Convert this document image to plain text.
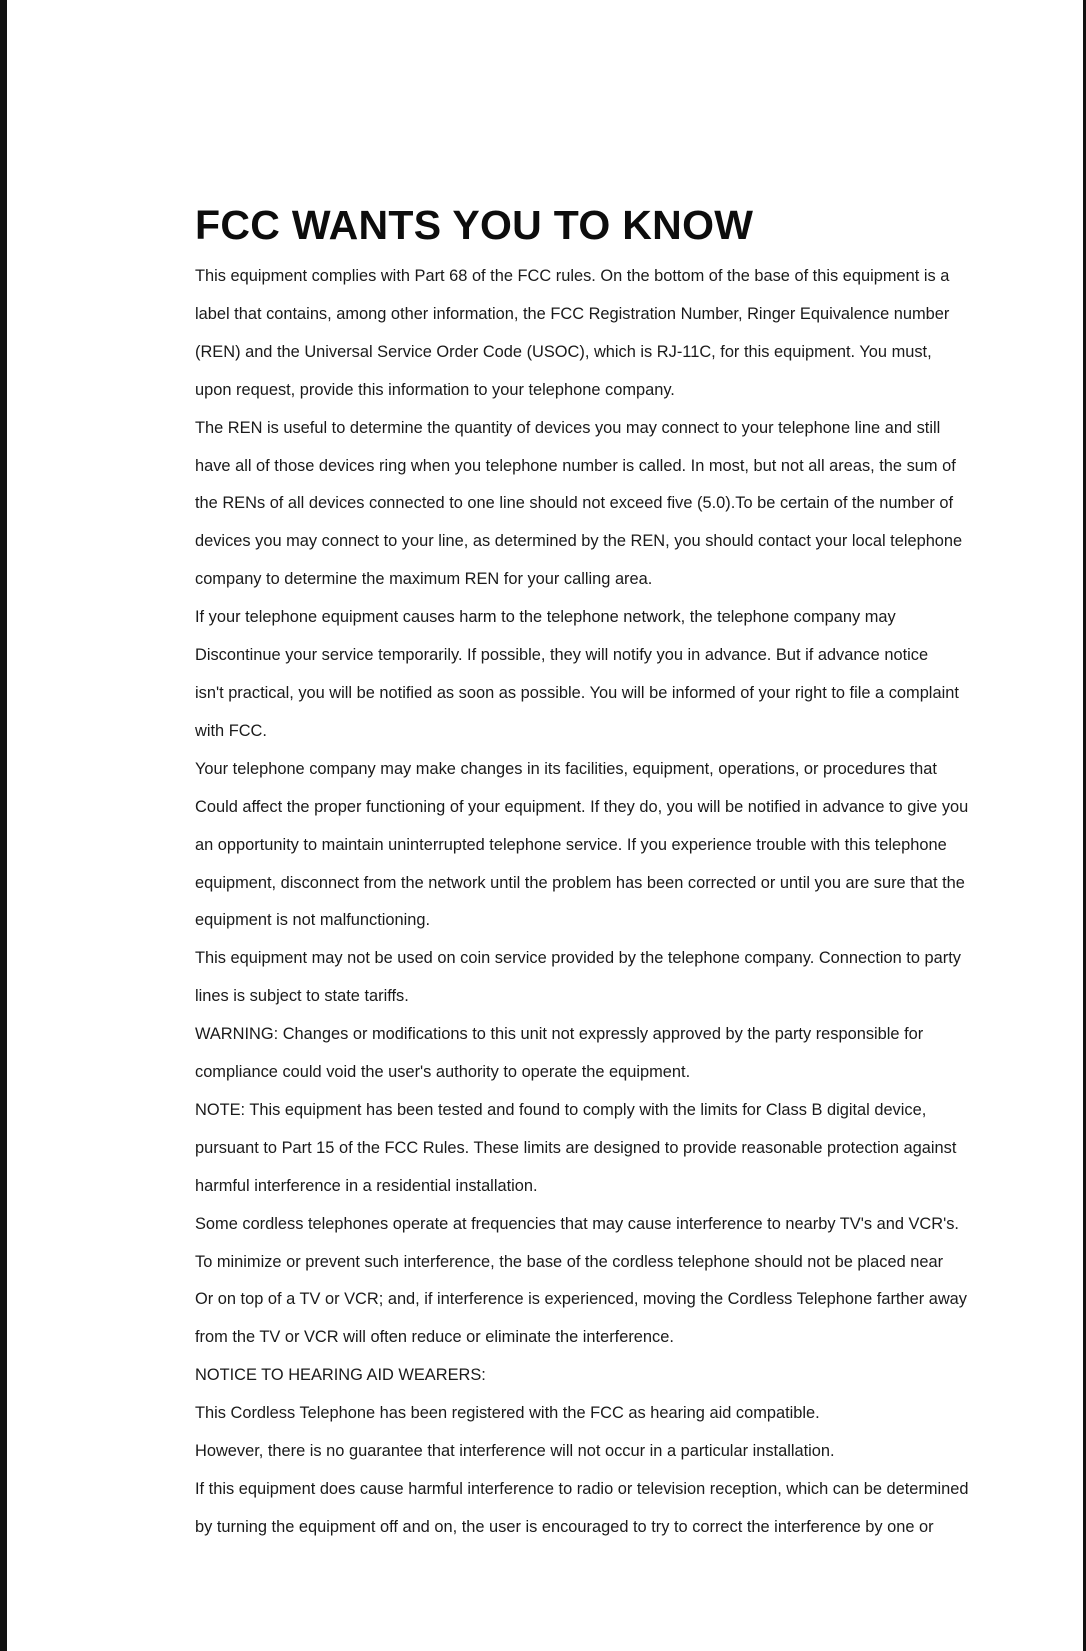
FCC WANTS YOU TO KNOW

This equipment complies with Part 68 of the FCC rules. On the bottom of the base of this equipment is a

label that contains, among other information, the FCC Registration Number, Ringer Equivalence number

(REN) and the Universal Service Order Code (USOC), which is RJ-11C, for this equipment. You must,

upon request, provide this information to your telephone company.

The REN is useful to determine the quantity of devices you may connect to your telephone line and still

have all of those devices ring when you telephone number is called. In most, but not all areas, the sum of

the RENs of all devices connected to one line should not exceed five (5.0).To be certain of the number of

devices you may connect to your line, as determined by the REN, you should contact your local telephone

company to determine the maximum REN for your calling area.

If your telephone equipment causes harm to the telephone network, the telephone company may

Discontinue your service temporarily. If possible, they will notify you in advance. But if advance notice

isn't practical, you will be notified as soon as possible. You will be informed of your right to file a complaint

with FCC.

Your telephone company may make changes in its facilities, equipment, operations, or procedures that

Could affect the proper functioning of your equipment. If they do, you will be notified in advance to give you

an opportunity to maintain uninterrupted telephone service. If you experience trouble with this telephone

equipment, disconnect from the network until the problem has been corrected or until you are sure that the

equipment is not malfunctioning.

This equipment may not be used on coin service provided by the telephone company. Connection to party

lines is subject to state tariffs.

WARNING: Changes or modifications to this unit not expressly approved by the party responsible for

compliance could void the user's authority to operate the equipment.

NOTE: This equipment has been tested and found to comply with the limits for Class B digital device,

pursuant to Part 15 of the FCC Rules. These limits are designed to provide reasonable protection against

harmful interference in a residential installation.

Some cordless telephones operate at frequencies that may cause interference to nearby TV's and VCR's.

To minimize or prevent such interference, the base of the cordless telephone should not be placed near

Or on top of a TV or VCR; and, if interference is experienced, moving the Cordless Telephone farther away

from the TV or VCR will often reduce or eliminate the interference.

NOTICE TO HEARING AID WEARERS:

This Cordless Telephone has been registered with the FCC as hearing aid compatible.

However, there is no guarantee that interference will not occur in a particular installation.

If this equipment does cause harmful interference to radio or television reception, which can be determined

by turning the equipment off and on, the user is encouraged to try to correct the interference by one or
